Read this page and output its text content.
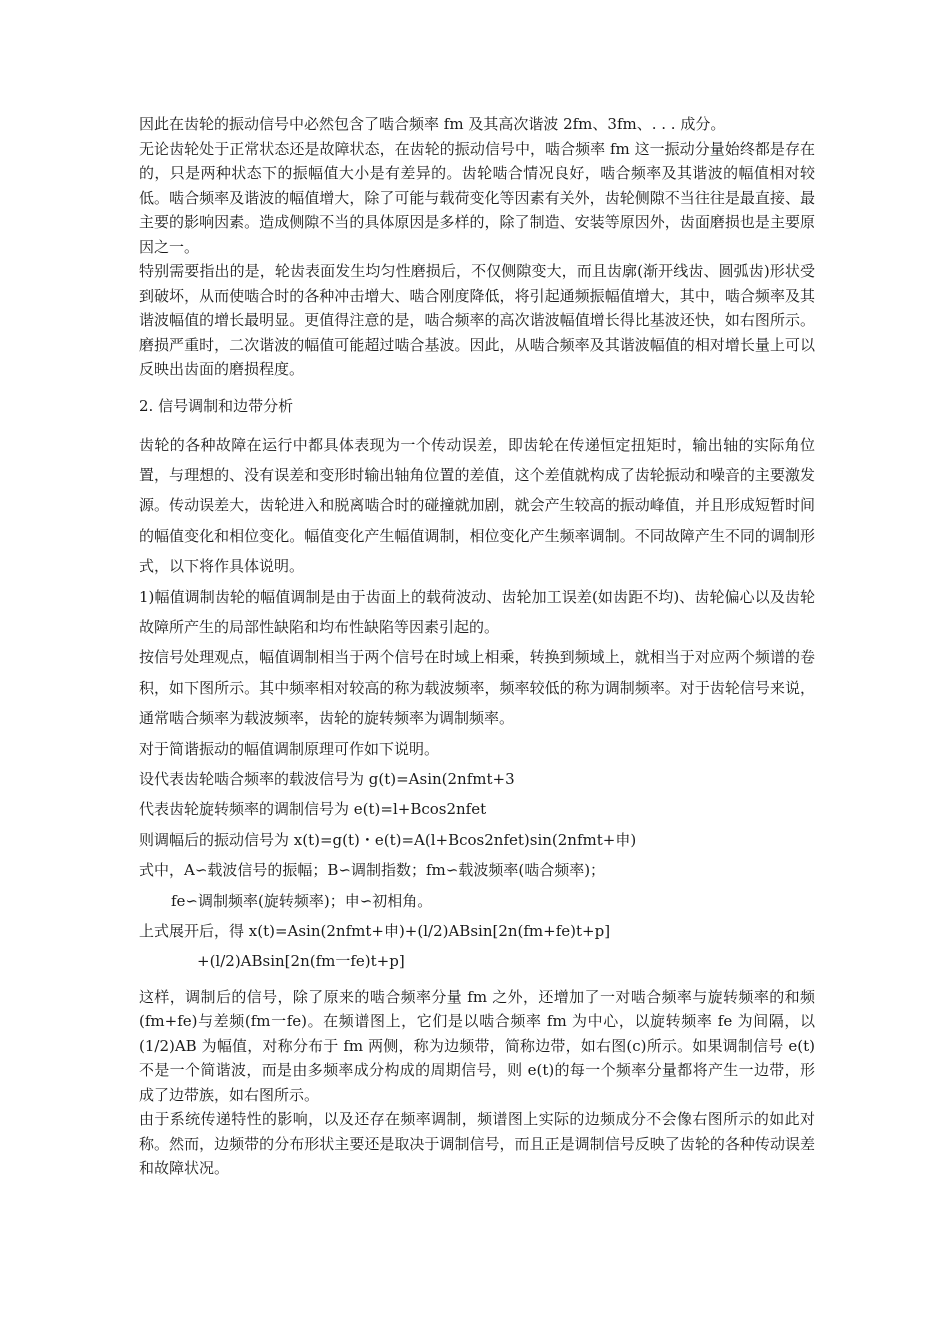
因此在齿轮的振动信号中必然包含了啮合频率 fm 及其高次谐波 2fm、3fm、. . . 成分。

无论齿轮处于正常状态还是故障状态，在齿轮的振动信号中，啮合频率 fm 这一振动分量始终都是存在的，只是两种状态下的振幅值大小是有差异的。齿轮啮合情况良好，啮合频率及其谐波的幅值相对较低。啮合频率及谐波的幅值增大，除了可能与载荷变化等因素有关外，齿轮侧隙不当往往是最直接、最主要的影响因素。造成侧隙不当的具体原因是多样的，除了制造、安装等原因外，齿面磨损也是主要原因之一。

特别需要指出的是，轮齿表面发生均匀性磨损后，不仅侧隙变大，而且齿廓(渐开线齿、圆弧齿)形状受到破坏，从而使啮合时的各种冲击增大、啮合刚度降低，将引起通频振幅值增大，其中，啮合频率及其谐波幅值的增长最明显。更值得注意的是，啮合频率的高次谐波幅值增长得比基波还快，如右图所示。磨损严重时，二次谐波的幅值可能超过啮合基波。因此，从啮合频率及其谐波幅值的相对增长量上可以反映出齿面的磨损程度。

2. 信号调制和边带分析

齿轮的各种故障在运行中都具体表现为一个传动误差，即齿轮在传递恒定扭矩时，输出轴的实际角位置，与理想的、没有误差和变形时输出轴角位置的差值，这个差值就构成了齿轮振动和噪音的主要激发源。传动误差大，齿轮进入和脱离啮合时的碰撞就加剧，就会产生较高的振动峰值，并且形成短暂时间的幅值变化和相位变化。幅值变化产生幅值调制，相位变化产生频率调制。不同故障产生不同的调制形式，以下将作具体说明。

1)幅值调制齿轮的幅值调制是由于齿面上的载荷波动、齿轮加工误差(如齿距不均)、齿轮偏心以及齿轮故障所产生的局部性缺陷和均布性缺陷等因素引起的。

按信号处理观点，幅值调制相当于两个信号在时域上相乘，转换到频域上，就相当于对应两个频谱的卷积，如下图所示。其中频率相对较高的称为载波频率，频率较低的称为调制频率。对于齿轮信号来说，通常啮合频率为载波频率，齿轮的旋转频率为调制频率。

对于简谐振动的幅值调制原理可作如下说明。

设代表齿轮啮合频率的载波信号为 g(t)=Asin(2nfmt+3

代表齿轮旋转频率的调制信号为 e(t)=l+Bcos2nfet

则调幅后的振动信号为 x(t)=g(t)・e(t)=A(l+Bcos2nfet)sin(2nfmt+申)

式中，A∽载波信号的振幅；B∽调制指数；fm∽载波频率(啮合频率)；

fe∽调制频率(旋转频率)；申∽初相角。

上式展开后，得 x(t)=Asin(2nfmt+申)+(l/2)ABsin[2n(fm+fe)t+p]

+(l/2)ABsin[2n(fm一fe)t+p]

这样，调制后的信号，除了原来的啮合频率分量 fm 之外，还增加了一对啮合频率与旋转频率的和频(fm+fe)与差频(fm一fe)。在频谱图上，它们是以啮合频率 fm 为中心，以旋转频率 fe 为间隔，以(1/2)AB 为幅值，对称分布于 fm 两侧，称为边频带，简称边带，如右图(c)所示。如果调制信号 e(t)不是一个简谐波，而是由多频率成分构成的周期信号，则 e(t)的每一个频率分量都将产生一边带，形成了边带族，如右图所示。

由于系统传递特性的影响，以及还存在频率调制，频谱图上实际的边频成分不会像右图所示的如此对称。然而，边频带的分布形状主要还是取决于调制信号，而且正是调制信号反映了齿轮的各种传动误差和故障状况。
